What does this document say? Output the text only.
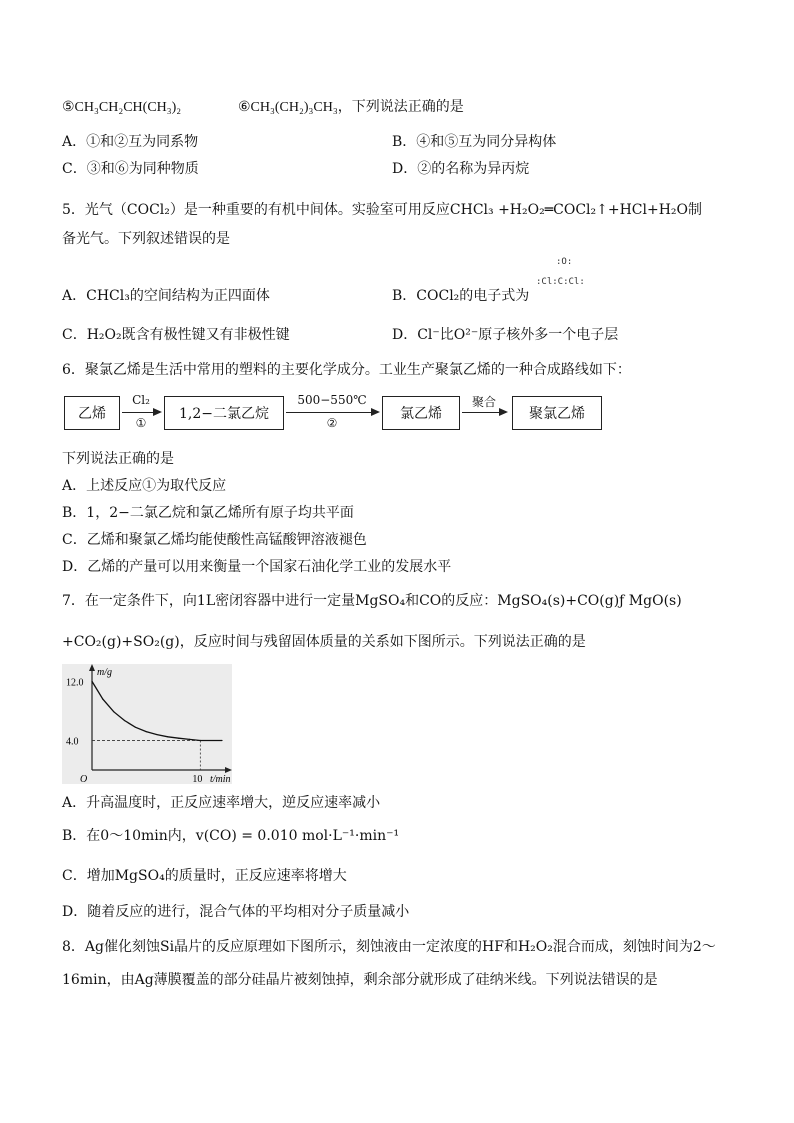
⑤CH₃CH₂CH(CH₃)₂	⑥CH₃(CH₂)₃CH₃，下列说法正确的是
A．①和②互为同系物	B．④和⑤互为同分异构体
C．③和⑥为同种物质	D．②的名称为异丙烷
5．光气（COCl₂）是一种重要的有机中间体。实验室可用反应CHCl₃ +H₂O₂═COCl₂↑+HCl+H₂O制
备光气。下列叙述错误的是
A．CHCl₃的空间结构为正四面体	B．COCl₂的电子式为
:O:
:Cl:C:Cl:
C．H₂O₂既含有极性键又有非极性键	D．Cl⁻比O²⁻原子核外多一个电子层
6．聚氯乙烯是生活中常用的塑料的主要化学成分。工业生产聚氯乙烯的一种合成路线如下：
乙烯
Cl₂
①
1,2−二氯乙烷
500−550℃
②
氯乙烯
聚合
聚氯乙烯
下列说法正确的是
A．上述反应①为取代反应
B．1，2−二氯乙烷和氯乙烯所有原子均共平面
C．乙烯和聚氯乙烯均能使酸性高锰酸钾溶液褪色
D．乙烯的产量可以用来衡量一个国家石油化学工业的发展水平
7．在一定条件下，向1L密闭容器中进行一定量MgSO₄和CO的反应：MgSO₄(s)+CO(g)ƒ MgO(s)
+CO₂(g)+SO₂(g)，反应时间与残留固体质量的关系如下图所示。下列说法正确的是
m/g
t/min
O
12.0
4.0
10
A．升高温度时，正反应速率增大，逆反应速率减小
B．在0～10min内，v(CO) = 0.010 mol·L⁻¹·min⁻¹
C．增加MgSO₄的质量时，正反应速率将增大
D．随着反应的进行，混合气体的平均相对分子质量减小
8．Ag催化刻蚀Si晶片的反应原理如下图所示，刻蚀液由一定浓度的HF和H₂O₂混合而成，刻蚀时间为2～
16min，由Ag薄膜覆盖的部分硅晶片被刻蚀掉，剩余部分就形成了硅纳米线。下列说法错误的是
